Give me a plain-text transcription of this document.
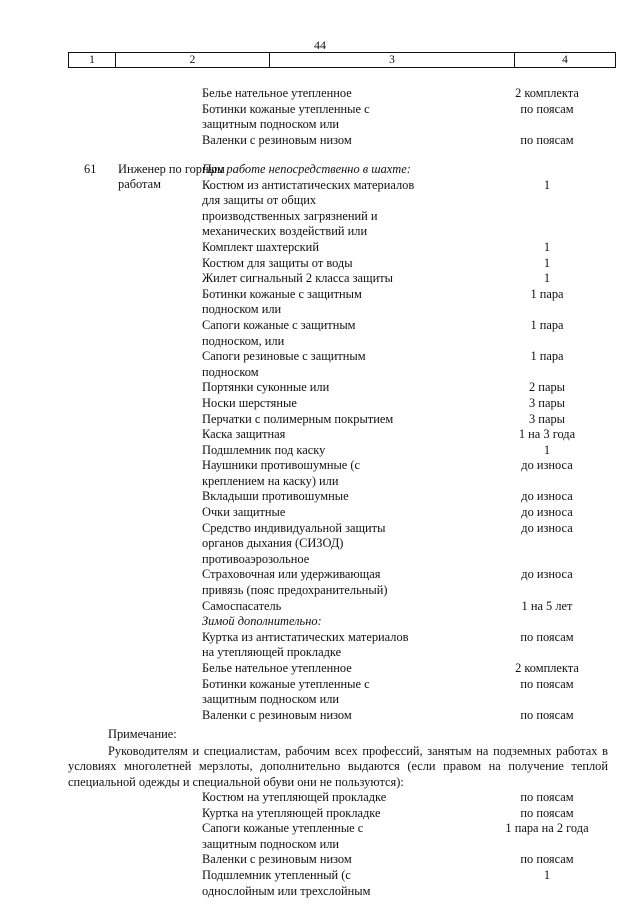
44
1	2	3	4
Белье нательное утепленное	2 комплекта
Ботинки кожаные утепленные с	по поясам
защитным подноском или
Валенки с резиновым низом	по поясам
61 Инженер по горным
работам
При работе непосредственно в шахте:
Костюм из антистатических материалов	1
для защиты от общих
производственных загрязнений и
механических воздействий или
Комплект шахтерский	1
Костюм для защиты от воды	1
Жилет сигнальный 2 класса защиты	1
Ботинки кожаные с защитным	1 пара
подноском или
Сапоги кожаные с защитным	1 пара
подноском, или
Сапоги резиновые с защитным	1 пара
подноском
Портянки суконные или	2 пары
Носки шерстяные	3 пары
Перчатки с полимерным покрытием	3 пары
Каска защитная	1 на 3 года
Подшлемник под каску	1
Наушники противошумные (с	до износа
креплением на каску) или
Вкладыши противошумные	до износа
Очки защитные	до износа
Средство индивидуальной защиты	до износа
органов дыхания (СИЗОД)
противоаэрозольное
Страховочная или удерживающая	до износа
привязь (пояс предохранительный)
Самоспасатель	1 на 5 лет
Зимой дополнительно:
Куртка из антистатических материалов	по поясам
на утепляющей прокладке
Белье нательное утепленное	2 комплекта
Ботинки кожаные утепленные с	по поясам
защитным подноском или
Валенки с резиновым низом	по поясам
Примечание:
Руководителям и специалистам, рабочим всех профессий, занятым на подземных работах в условиях многолетней мерзлоты, дополнительно выдаются (если правом на получение теплой специальной одежды и специальной обуви они не пользуются):
Костюм на утепляющей прокладке	по поясам
Куртка на утепляющей прокладке	по поясам
Сапоги кожаные утепленные с	1 пара на 2 года
защитным подноском или
Валенки с резиновым низом	по поясам
Подшлемник утепленный (с	1
однослойным или трехслойным
